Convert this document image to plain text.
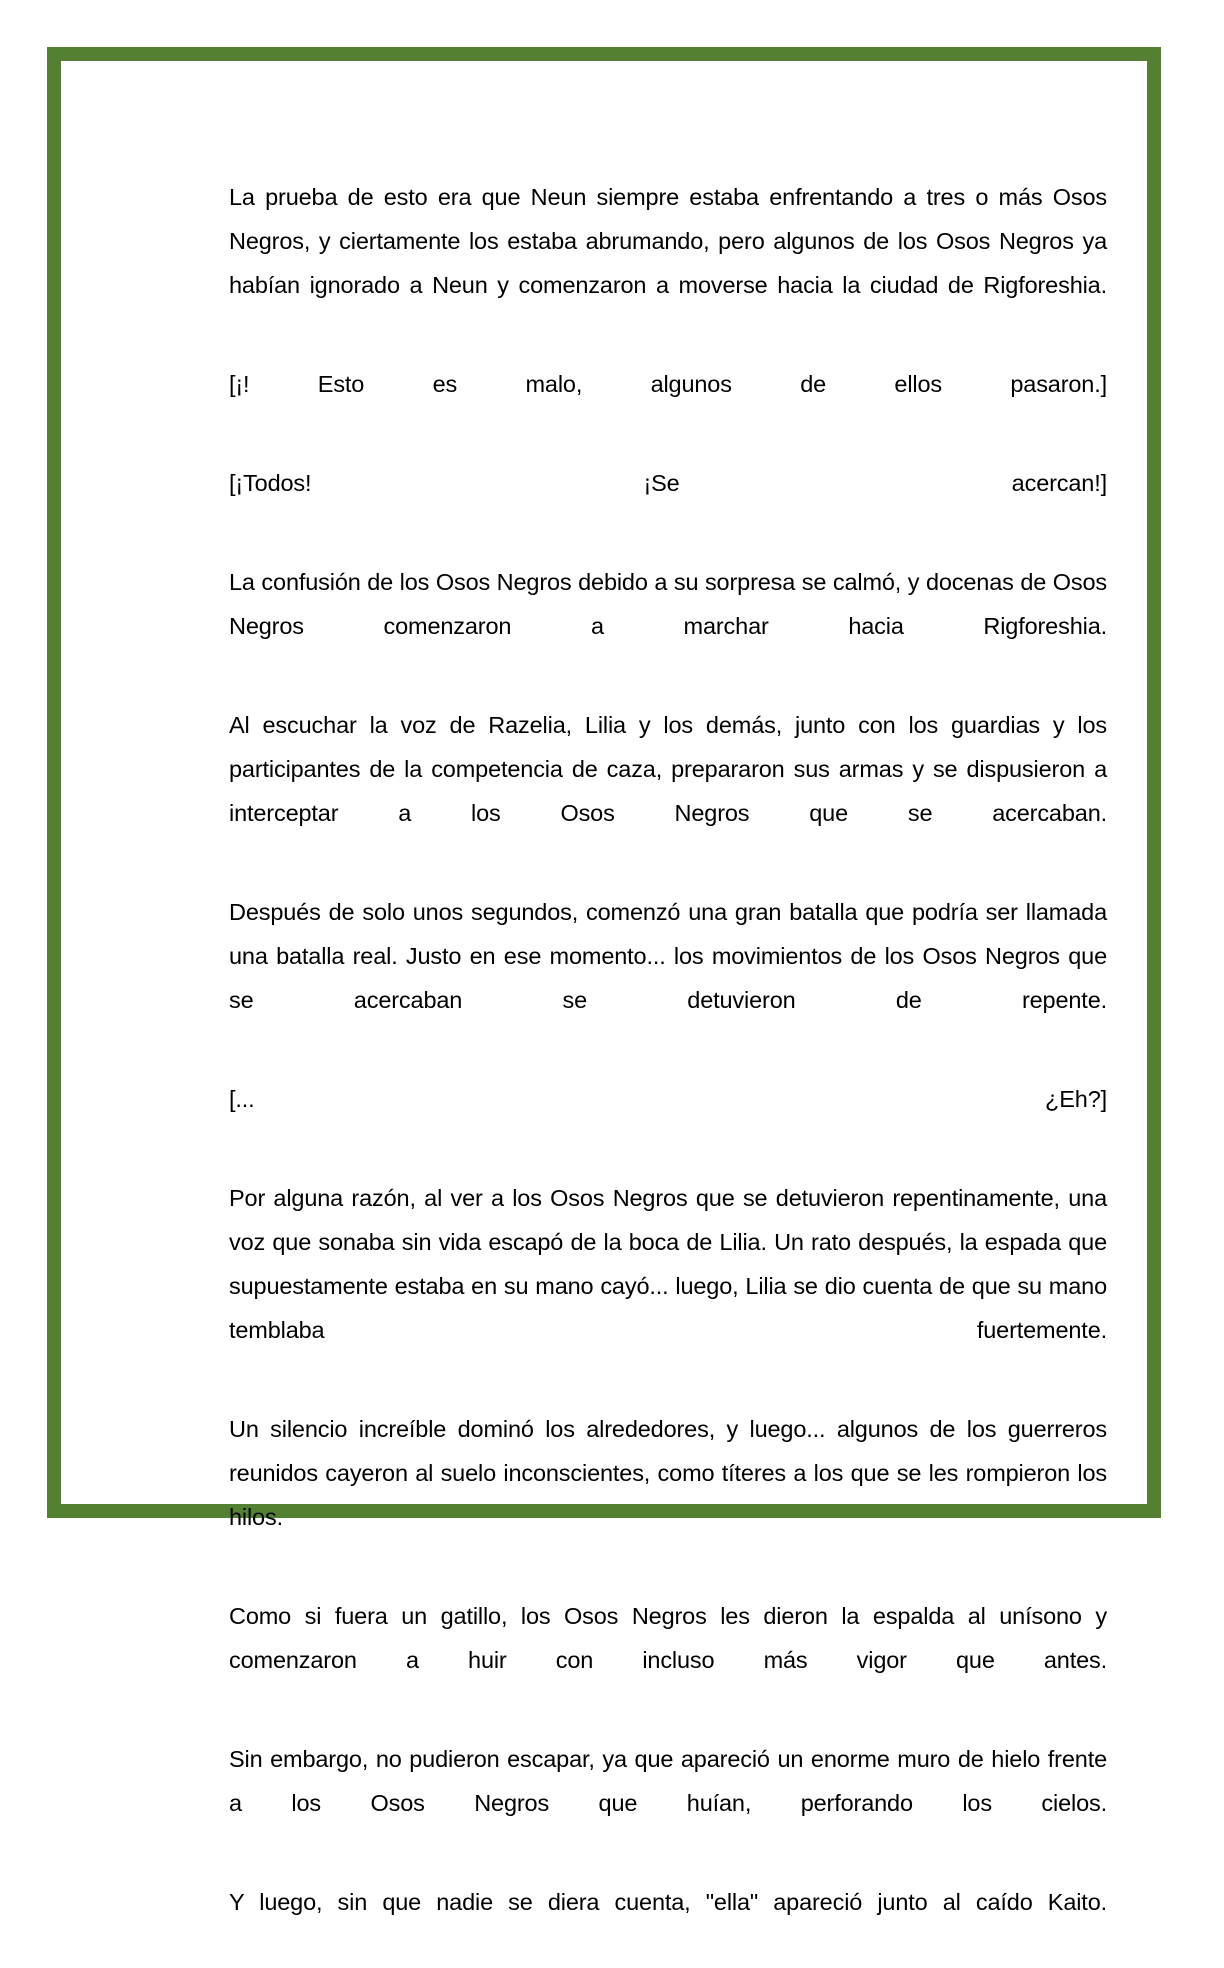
La prueba de esto era que Neun siempre estaba enfrentando a tres o más Osos Negros, y ciertamente los estaba abrumando, pero algunos de los Osos Negros ya habían ignorado a Neun y comenzaron a moverse hacia la ciudad de Rigforeshia.

[¡! Esto es malo, algunos de ellos pasaron.]

[¡Todos! ¡Se acercan!]

La confusión de los Osos Negros debido a su sorpresa se calmó, y docenas de Osos Negros comenzaron a marchar hacia Rigforeshia.

Al escuchar la voz de Razelia, Lilia y los demás, junto con los guardias y los participantes de la competencia de caza, prepararon sus armas y se dispusieron a interceptar a los Osos Negros que se acercaban.

Después de solo unos segundos, comenzó una gran batalla que podría ser llamada una batalla real. Justo en ese momento... los movimientos de los Osos Negros que se acercaban se detuvieron de repente.

[... ¿Eh?]

Por alguna razón, al ver a los Osos Negros que se detuvieron repentinamente, una voz que sonaba sin vida escapó de la boca de Lilia. Un rato después, la espada que supuestamente estaba en su mano cayó... luego, Lilia se dio cuenta de que su mano temblaba fuertemente.

Un silencio increíble dominó los alrededores, y luego... algunos de los guerreros reunidos cayeron al suelo inconscientes, como títeres a los que se les rompieron los hilos.

Como si fuera un gatillo, los Osos Negros les dieron la espalda al unísono y comenzaron a huir con incluso más vigor que antes.

Sin embargo, no pudieron escapar, ya que apareció un enorme muro de hielo frente a los Osos Negros que huían, perforando los cielos.

Y luego, sin que nadie se diera cuenta, "ella" apareció junto al caído Kaito.
